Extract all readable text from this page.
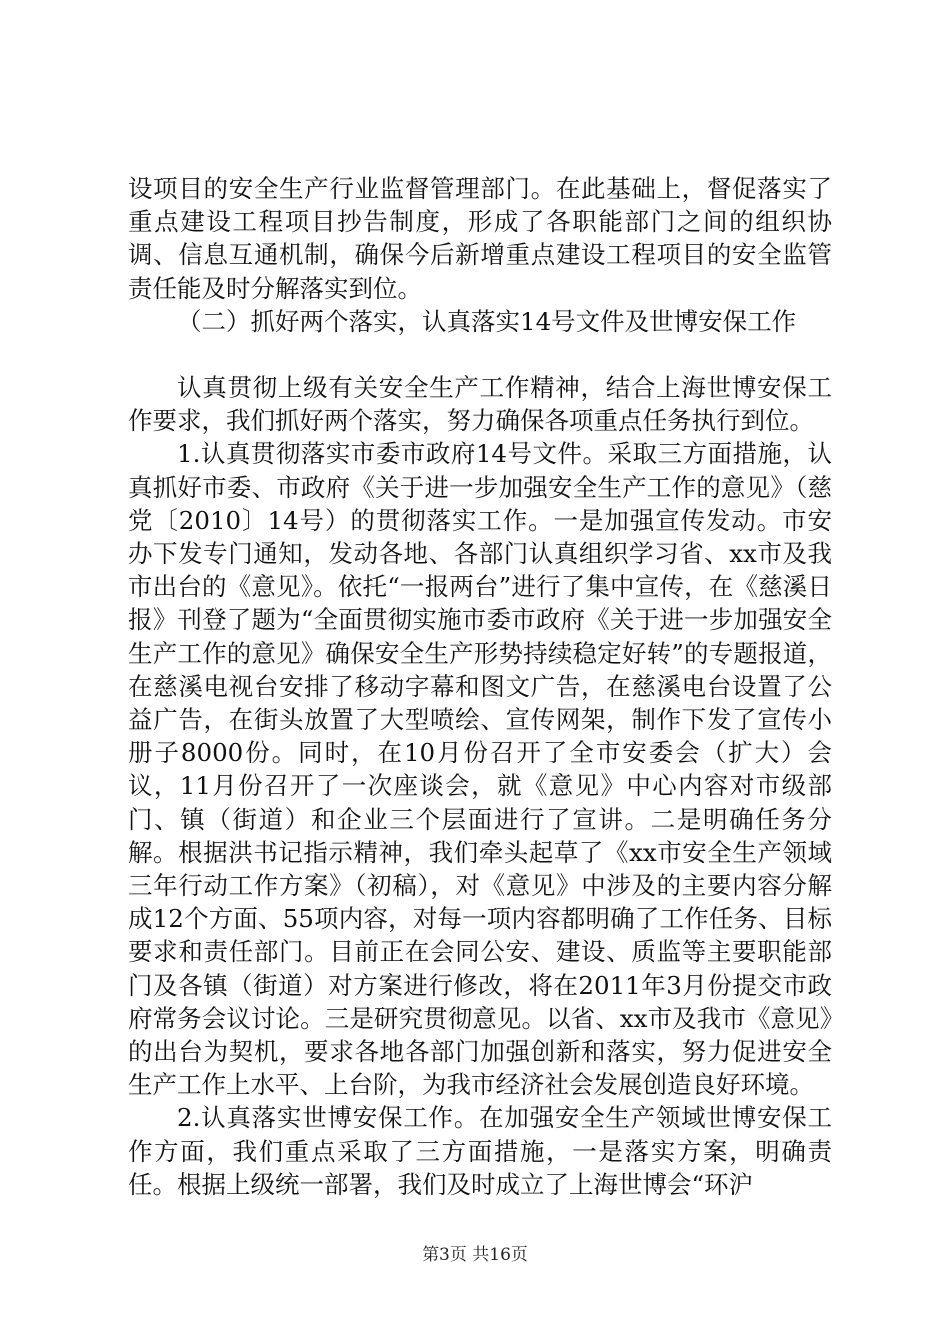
设项目的安全生产行业监督管理部门。在此基础上，督促落实了重点建设工程项目抄告制度，形成了各职能部门之间的组织协调、信息互通机制，确保今后新增重点建设工程项目的安全监管责任能及时分解落实到位。

（二）抓好两个落实，认真落实14号文件及世博安保工作

认真贯彻上级有关安全生产工作精神，结合上海世博安保工作要求，我们抓好两个落实，努力确保各项重点任务执行到位。

1.认真贯彻落实市委市政府14号文件。采取三方面措施，认真抓好市委、市政府《关于进一步加强安全生产工作的意见》（慈党〔2010〕14号）的贯彻落实工作。一是加强宣传发动。市安办下发专门通知，发动各地、各部门认真组织学习省、xx市及我市出台的《意见》。依托“一报两台”进行了集中宣传，在《慈溪日报》刊登了题为“全面贯彻实施市委市政府《关于进一步加强安全生产工作的意见》确保安全生产形势持续稳定好转”的专题报道，在慈溪电视台安排了移动字幕和图文广告，在慈溪电台设置了公益广告，在街头放置了大型喷绘、宣传网架，制作下发了宣传小册子8000份。同时，在10月份召开了全市安委会（扩大）会议，11月份召开了一次座谈会，就《意见》中心内容对市级部门、镇（街道）和企业三个层面进行了宣讲。二是明确任务分解。根据洪书记指示精神，我们牵头起草了《xx市安全生产领域三年行动工作方案》（初稿），对《意见》中涉及的主要内容分解成12个方面、55项内容，对每一项内容都明确了工作任务、目标要求和责任部门。目前正在会同公安、建设、质监等主要职能部门及各镇（街道）对方案进行修改，将在2011年3月份提交市政府常务会议讨论。三是研究贯彻意见。以省、xx市及我市《意见》的出台为契机，要求各地各部门加强创新和落实，努力促进安全生产工作上水平、上台阶，为我市经济社会发展创造良好环境。

2.认真落实世博安保工作。在加强安全生产领域世博安保工作方面，我们重点采取了三方面措施，一是落实方案，明确责任。根据上级统一部署，我们及时成立了上海世博会“环沪

第3页 共16页
